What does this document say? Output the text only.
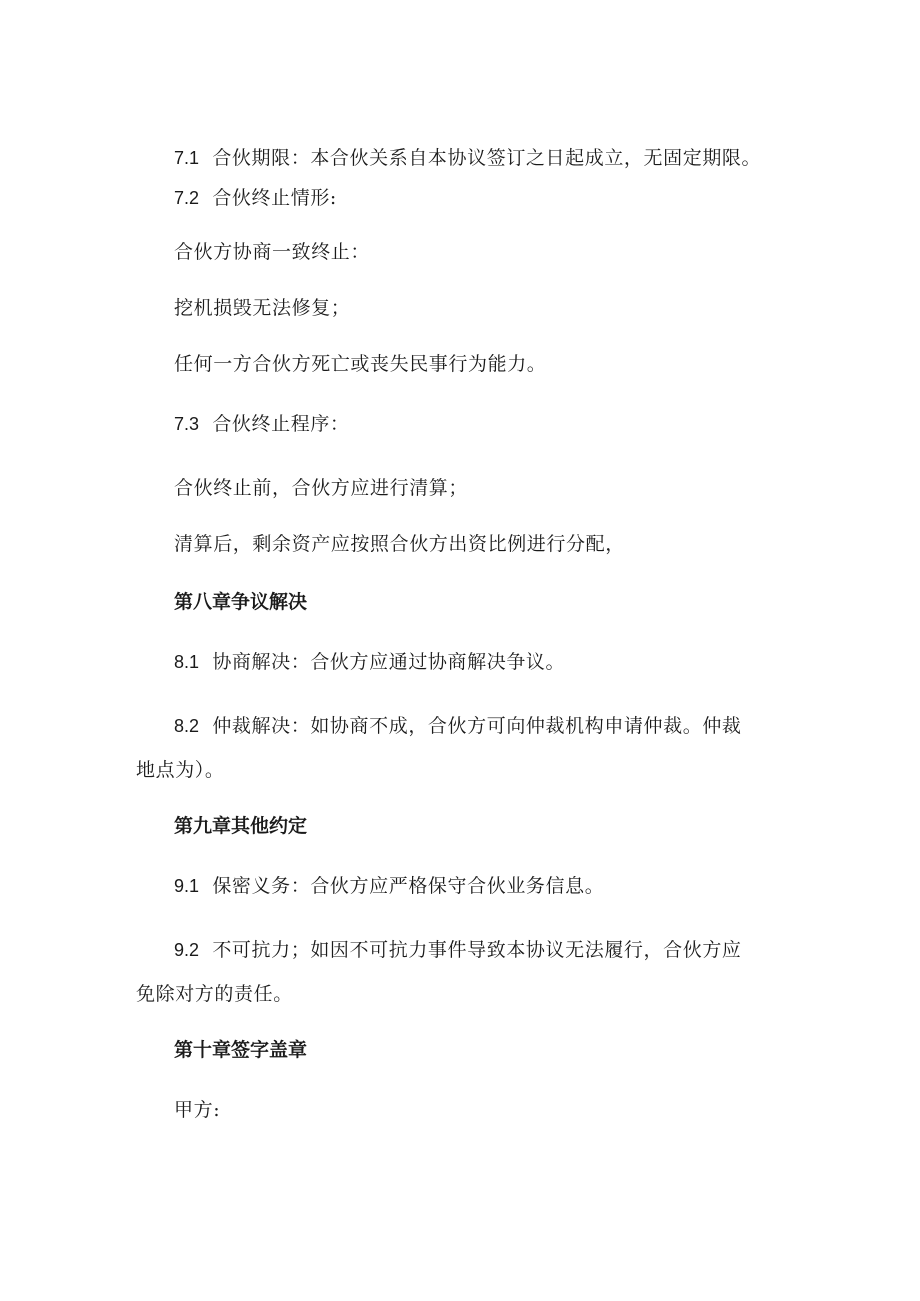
7.1 合伙期限：本合伙关系自本协议签订之日起成立，无固定期限。
7.2 合伙终止情形:
合伙方协商一致终止：
挖机损毁无法修复；
任何一方合伙方死亡或丧失民事行为能力。
7.3 合伙终止程序：
合伙终止前，合伙方应进行清算；
清算后，剩余资产应按照合伙方出资比例进行分配，
第八章争议解决
8.1 协商解决：合伙方应通过协商解决争议。
8.2 仲裁解决：如协商不成，合伙方可向仲裁机构申请仲裁。仲裁
地点为）。
第九章其他约定
9.1 保密义务：合伙方应严格保守合伙业务信息。
9.2 不可抗力；如因不可抗力事件导致本协议无法履行，合伙方应
免除对方的责任。
第十章签字盖章
甲方:
